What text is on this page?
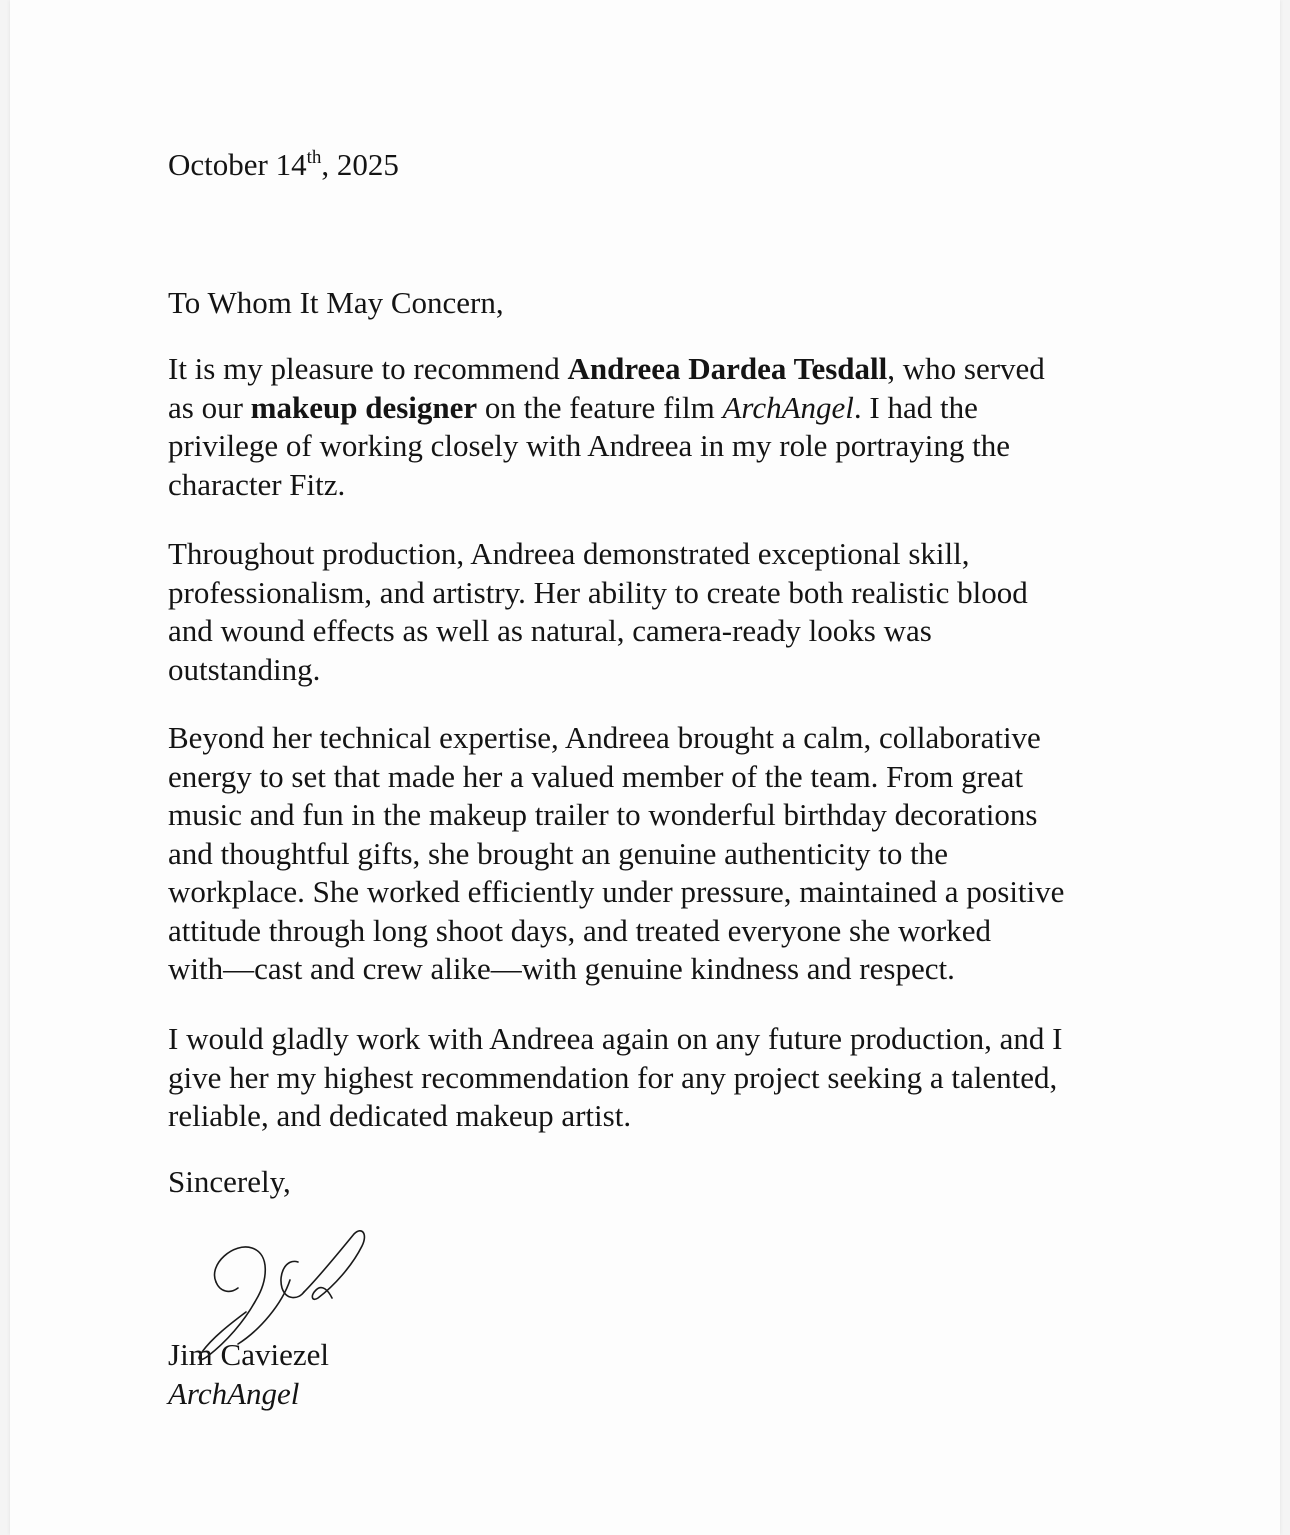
October 14th, 2025
To Whom It May Concern,

It is my pleasure to recommend Andreea Dardea Tesdall, who served
as our makeup designer on the feature film ArchAngel. I had the
privilege of working closely with Andreea in my role portraying the
character Fitz.

Throughout production, Andreea demonstrated exceptional skill,
professionalism, and artistry. Her ability to create both realistic blood
and wound effects as well as natural, camera-ready looks was
outstanding.

Beyond her technical expertise, Andreea brought a calm, collaborative
energy to set that made her a valued member of the team. From great
music and fun in the makeup trailer to wonderful birthday decorations
and thoughtful gifts, she brought an genuine authenticity to the
workplace. She worked efficiently under pressure, maintained a positive
attitude through long shoot days, and treated everyone she worked
with—cast and crew alike—with genuine kindness and respect.

I would gladly work with Andreea again on any future production, and I
give her my highest recommendation for any project seeking a talented,
reliable, and dedicated makeup artist.

Sincerely,
Jim Caviezel
ArchAngel
